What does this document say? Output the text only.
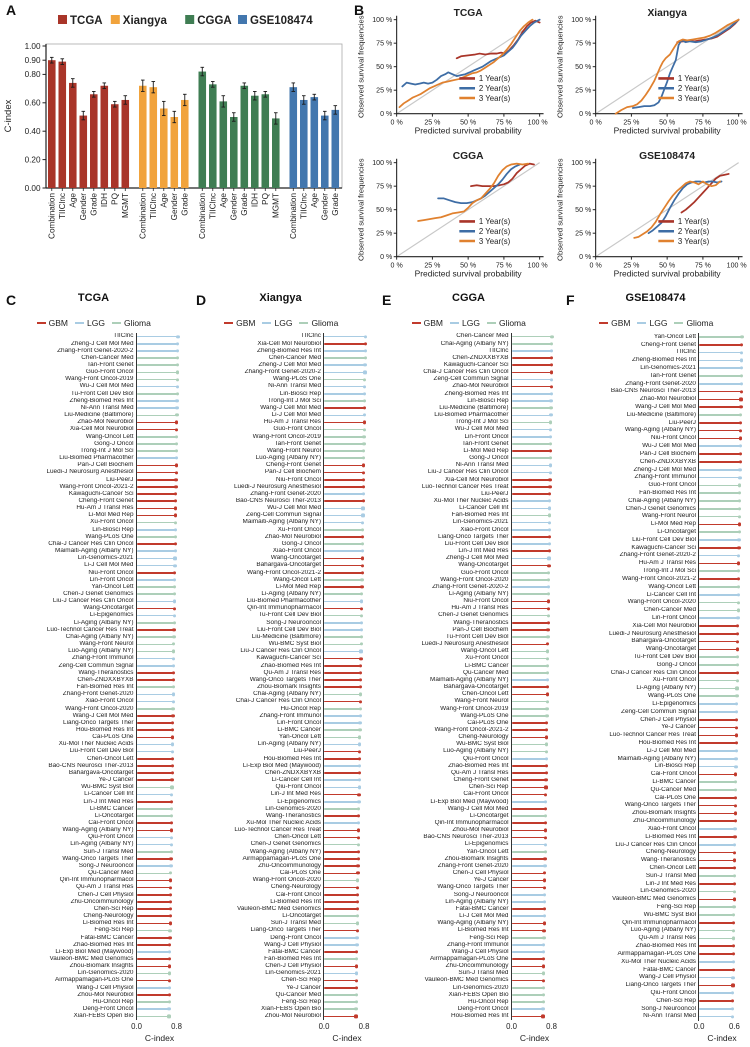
A	B
TCGA Xiangya	CGGA GSE108474
0.00
0.20
0.40
0.60
0.80
0.90
1.00
C-index
Combination TIIClnc Age Gender Grade IDH PQ MGMT Combination TIIClnc Age Gender Grade Combination TIIClnc Age Gender Grade IDH PQ MGMT Combination TIIClnc Age Gender Grade
0 %
0 %
25 %
25 %
50 %
50 %
75 %
75 %
100 %
100 %
TCGA
Predicted survival probability
Observed survival frequencies	1 Year(s)
2 Year(s)
3 Year(s)
0 %
0 %
25 %
25 %
50 %
50 %
75 %
75 %
100 %
100 %
Xiangya
Predicted survival probability
Observed survival frequencies	1 Year(s)
2 Year(s)
3 Year(s)
0 %
0 %
25 %
25 %
50 %
50 %
75 %
75 %
100 %
100 %
CGGA
Predicted survival probability
Observed survival frequencies	1 Year(s)
2 Year(s)
3 Year(s)
0 %
0 %
25 %
25 %
50 %
50 %
75 %
75 %
100 %
100 %
GSE108474
Predicted survival probability
Observed survival frequencies	1 Year(s)
2 Year(s)
3 Year(s)
C	D	E	F
TCGA	Xiangya	CGGA	GSE108474
GBM LGG Glioma
TIIClnc
Zheng-J Cell Mol Med
Zhang-Front Genet-2020-2
Chen-Cancer Med
Tan-Front Genet
Guo-Front Oncol
Wang-Front Oncol-2019
Wu-J Cell Mol Med
Tu-Front Cell Dev Biol
Zheng-Biomed Res Int
Ni-Ann Transl Med
Liu-Medicine (Baltimore)
Zhao-Mol Neurobiol
Xia-Cell Mol Neurobiol
Wang-Oncol Lett
Gong-J Oncol
Trong-Int J Mol Sci
Liu-Biomed Pharmacother
Pan-J Cell Biochem
Luedi-J Neurosurg Anesthesiol
Liu-PeerJ
Wang-Front Oncol-2021-2
Kawaguchi-Cancer Sci
Cheng-Front Genet
Hu-Am J Transl Res
Li-Mol Med Rep
Xu-Front Oncol
Lin-Biosci Rep
Wang-PLoS One
Chai-J Cancer Res Clin Oncol
Maimaiti-Aging (Albany NY)
Lin-Genomics-2021
Li-J Cell Mol Med
Niu-Front Oncol
Lin-Front Oncol
Yan-Oncol Lett
Chen-J Genet Genomics
Liu-J Cancer Res Clin Oncol
Wang-Oncotarget
Li-Epigenomics
Li-Aging (Albany NY)
Luo-Technol Cancer Res Treat
Chai-Aging (Albany NY)
Wang-Front Neurol
Luo-Aging (Albany NY)
Zhang-Front Immunol
Zeng-Cell Commun Signal
Wang-Theranostics
Chen-ZNDXXBYXB
Fan-Biomed Res Int
Zhang-Front Genet-2020
Xiao-Front Oncol
Wang-Front Oncol-2020
Wang-J Cell Mol Med
Liang-Onco Targets Ther
Hou-Biomed Res Int
Cai-PLoS One
Xu-Mol Ther Nucleic Acids
Liu-Front Cell Dev Biol
Chen-Oncol Lett
Bao-CNS Neurosci Ther-2013
Bahargava-Oncotarget
Ye-J Cancer
Wu-BMC Syst Biol
Li-Cancer Cell Int
Lin-J Int Med Res
Li-BMC Cancer
Li-Oncotarget
Cai-Front Oncol
Wang-Aging (Albany NY)
Qiu-Front Oncol
Lin-Aging (Albany NY)
Sun-J Transl Med
Wang-Onco Targets Ther
Song-J Neurooncol
Qu-Cancer Med
Qin-Int Immunopharmacol
Qu-Am J Transl Res
Chen-J Cell Physiol
Zhu-Oncoimmunology
Chen-Sci Rep
Cheng-Neurology
Li-Biomed Res Int
Feng-Sci Rep
Fatai-BMC Cancer
Zhao-Biomed Res Int
Li-Exp Biol Med (Maywood)
Vauleon-BMC Med Genomics
Zhou-Biomark Insights
Lin-Genomics-2020
Airmappamagan-PLoS One
Wang-J Cell Physiol
Zhou-Mol Neurobiol
Hu-Oncol Rep
Deng-Front Oncol
Xian-FEBS Open Bio
0.0	0.8
C-index
GBM LGG Glioma
TIIClnc
Xia-Cell Mol Neurobiol
Zheng-Biomed Res Int
Chen-Cancer Med
Zheng-J Cell Mol Med
Zhang-Front Genet-2020-2
Wang-PLoS One
Ni-Ann Transl Med
Lin-Biosci Rep
Trong-Int J Mol Sci
Wang-J Cell Mol Med
Li-J Cell Mol Med
Hu-Am J Transl Res
Guo-Front Oncol
Wang-Front Oncol-2019
Tan-Front Genet
Wang-Front Neurol
Luo-Aging (Albany NY)
Cheng-Front Genet
Pan-J Cell Biochem
Niu-Front Oncol
Luedi-J Neurosurg Anesthesiol
Zhang-Front Genet-2020
Bao-CNS Neurosci Ther-2013
Wu-J Cell Mol Med
Zeng-Cell Commun Signal
Maimaiti-Aging (Albany NY)
Xu-Front Oncol
Zhao-Mol Neurobiol
Gong-J Oncol
Xiao-Front Oncol
Wang-Oncotarget
Bahargava-Oncotarget
Wang-Front Oncol-2021-2
Wang-Oncol Lett
Li-Mol Med Rep
Li-Aging (Albany NY)
Liu-Biomed Pharmacother
Qin-Int Immunopharmacol
Tu-Front Cell Dev Biol
Song-J Neurooncol
Liu-Front Cell Dev Biol
Liu-Medicine (Baltimore)
Wu-BMC Syst Biol
Liu-J Cancer Res Clin Oncol
Kawaguchi-Cancer Sci
Zhao-Biomed Res Int
Qu-Am J Transl Res
Wang-Onco Targets Ther
Zhou-Biomark Insights
Chai-Aging (Albany NY)
Chai-J Cancer Res Clin Oncol
Hu-Oncol Rep
Zhang-Front Immunol
Lin-Front Oncol
Li-BMC Cancer
Yan-Oncol Lett
Lin-Aging (Albany NY)
Liu-PeerJ
Hou-Biomed Res Int
Li-Exp Biol Med (Maywood)
Chen-ZNDXXBYXB
Li-Cancer Cell Int
Qiu-Front Oncol
Lin-J Int Med Res
Li-Epigenomics
Lin-Genomics-2020
Wang-Theranostics
Xu-Mol Ther Nucleic Acids
Luo-Technol Cancer Res Treat
Chen-Oncol Lett
Chen-J Genet Genomics
Wang-Aging (Albany NY)
Airmappamagan-PLoS One
Zhu-Oncoimmunology
Cai-PLoS One
Wang-Front Oncol-2020
Cheng-Neurology
Cai-Front Oncol
Li-Biomed Res Int
Vauleon-BMC Med Genomics
Li-Oncotarget
Sun-J Transl Med
Liang-Onco Targets Ther
Deng-Front Oncol
Wang-J Cell Physiol
Fatai-BMC Cancer
Fan-Biomed Res Int
Chen-J Cell Physiol
Lin-Genomics-2021
Chen-Sci Rep
Ye-J Cancer
Qu-Cancer Med
Feng-Sci Rep
Xian-FEBS Open Bio
Zhou-Mol Neurobiol
0.0	0.8
C-index
GBM LGG Glioma
Chen-Cancer Med
Chai-Aging (Albany NY)
TIIClnc
Chen-ZNDXXBYXB
Kawaguchi-Cancer Sci
Chai-J Cancer Res Clin Oncol
Zeng-Cell Commun Signal
Zhao-Mol Neurobiol
Zheng-Biomed Res Int
Lin-Biosci Rep
Liu-Medicine (Baltimore)
Liu-Biomed Pharmacother
Trong-Int J Mol Sci
Wu-J Cell Mol Med
Lin-Front Oncol
Tan-Front Genet
Li-Mol Med Rep
Gong-J Oncol
Ni-Ann Transl Med
Liu-J Cancer Res Clin Oncol
Xia-Cell Mol Neurobiol
Luo-Technol Cancer Res Treat
Liu-PeerJ
Xu-Mol Ther Nucleic Acids
Li-Cancer Cell Int
Fan-Biomed Res Int
Lin-Genomics-2021
Xiao-Front Oncol
Liang-Onco Targets Ther
Liu-Front Cell Dev Biol
Lin-J Int Med Res
Zheng-J Cell Mol Med
Wang-Oncotarget
Guo-Front Oncol
Wang-Front Oncol-2020
Zhang-Front Genet-2020-2
Li-Aging (Albany NY)
Niu-Front Oncol
Hu-Am J Transl Res
Chen-J Genet Genomics
Wang-Theranostics
Pan-J Cell Biochem
Tu-Front Cell Dev Biol
Luedi-J Neurosurg Anesthesiol
Wang-Oncol Lett
Xu-Front Oncol
Li-BMC Cancer
Qu-Cancer Med
Maimaiti-Aging (Albany NY)
Bahargava-Oncotarget
Chen-Oncol Lett
Wang-Front Neurol
Wang-Front Oncol-2019
Wang-PLoS One
Cai-PLoS One
Wang-Front Oncol-2021-2
Cheng-Neurology
Wu-BMC Syst Biol
Luo-Aging (Albany NY)
Qiu-Front Oncol
Zhao-Biomed Res Int
Qu-Am J Transl Res
Cheng-Front Genet
Chen-Sci Rep
Cai-Front Oncol
Li-Exp Biol Med (Maywood)
Wang-J Cell Mol Med
Li-Oncotarget
Qin-Int Immunopharmacol
Zhou-Mol Neurobiol
Bao-CNS Neurosci Ther-2013
Li-Epigenomics
Yan-Oncol Lett
Zhou-Biomark Insights
Zhang-Front Genet-2020
Chen-J Cell Physiol
Ye-J Cancer
Wang-Onco Targets Ther
Song-J Neurooncol
Lin-Aging (Albany NY)
Fatai-BMC Cancer
Li-J Cell Mol Med
Wang-Aging (Albany NY)
Li-Biomed Res Int
Feng-Sci Rep
Zhang-Front Immunol
Wang-J Cell Physiol
Airmappamagan-PLoS One
Zhu-Oncoimmunology
Sun-J Transl Med
Vauleon-BMC Med Genomics
Lin-Genomics-2020
Xian-FEBS Open Bio
Hu-Oncol Rep
Deng-Front Oncol
Hou-Biomed Res Int
0.0	0.8
C-index
GBM LGG Glioma
Yan-Oncol Lett
Cheng-Front Genet
TIIClnc
Zheng-Biomed Res Int
Lin-Genomics-2021
Tan-Front Genet
Zhang-Front Genet-2020
Bao-CNS Neurosci Ther-2013
Zhao-Mol Neurobiol
Wang-J Cell Mol Med
Liu-Medicine (Baltimore)
Liu-PeerJ
Wang-Aging (Albany NY)
Niu-Front Oncol
Wu-J Cell Mol Med
Pan-J Cell Biochem
Chen-ZNDXXBYXB
Zheng-J Cell Mol Med
Zhang-Front Immunol
Guo-Front Oncol
Fan-Biomed Res Int
Chai-Aging (Albany NY)
Chen-J Genet Genomics
Wang-Front Neurol
Li-Mol Med Rep
Li-Oncotarget
Liu-Front Cell Dev Biol
Kawaguchi-Cancer Sci
Zhang-Front Genet-2020-2
Hu-Am J Transl Res
Trong-Int J Mol Sci
Wang-Front Oncol-2021-2
Wang-Oncol Lett
Li-Cancer Cell Int
Wang-Front Oncol-2020
Chen-Cancer Med
Lin-Front Oncol
Xia-Cell Mol Neurobiol
Luedi-J Neurosurg Anesthesiol
Bahargava-Oncotarget
Wang-Oncotarget
Tu-Front Cell Dev Biol
Gong-J Oncol
Chai-J Cancer Res Clin Oncol
Xu-Front Oncol
Li-Aging (Albany NY)
Wang-PLoS One
Li-Epigenomics
Zeng-Cell Commun Signal
Chen-J Cell Physiol
Ye-J Cancer
Luo-Technol Cancer Res Treat
Hou-Biomed Res Int
Li-J Cell Mol Med
Maimaiti-Aging (Albany NY)
Lin-Biosci Rep
Cai-Front Oncol
Li-BMC Cancer
Qu-Cancer Med
Cai-PLoS One
Wang-Onco Targets Ther
Zhou-Biomark Insights
Zhu-Oncoimmunology
Xiao-Front Oncol
Li-Biomed Res Int
Liu-J Cancer Res Clin Oncol
Cheng-Neurology
Wang-Theranostics
Chen-Oncol Lett
Sun-J Transl Med
Lin-J Int Med Res
Lin-Genomics-2020
Vauleon-BMC Med Genomics
Feng-Sci Rep
Wu-BMC Syst Biol
Qin-Int Immunopharmacol
Luo-Aging (Albany NY)
Qu-Am J Transl Res
Zhao-Biomed Res Int
Airmappamagan-PLoS One
Xu-Mol Ther Nucleic Acids
Fatai-BMC Cancer
Wang-J Cell Physiol
Liang-Onco Targets Ther
Qiu-Front Oncol
Chen-Sci Rep
Song-J Neurooncol
Ni-Ann Transl Med
0.0	0.6
C-index
